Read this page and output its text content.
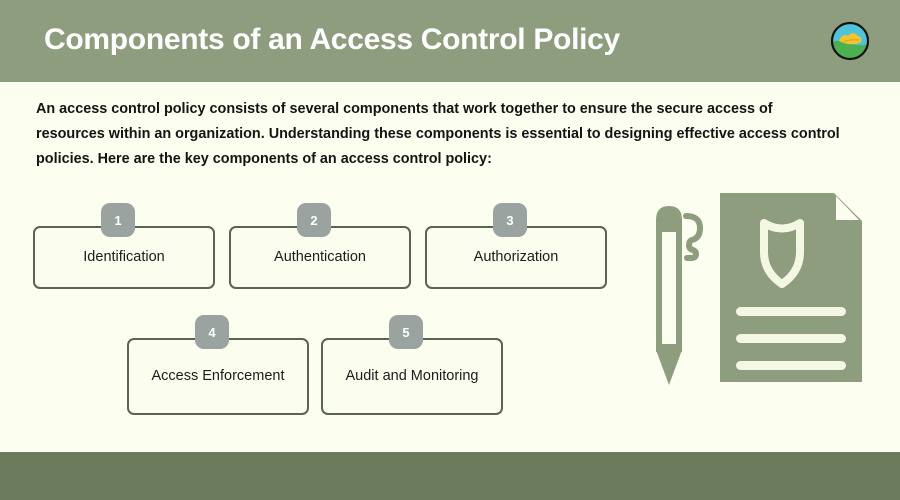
Components of an Access Control Policy
An access control policy consists of several components that work together to ensure the secure access of resources within an organization. Understanding these components is essential to designing effective access control policies. Here are the key components of an access control policy:
Identification
1
Authentication
2
Authorization
3
Access Enforcement
4
Audit and Monitoring
5
